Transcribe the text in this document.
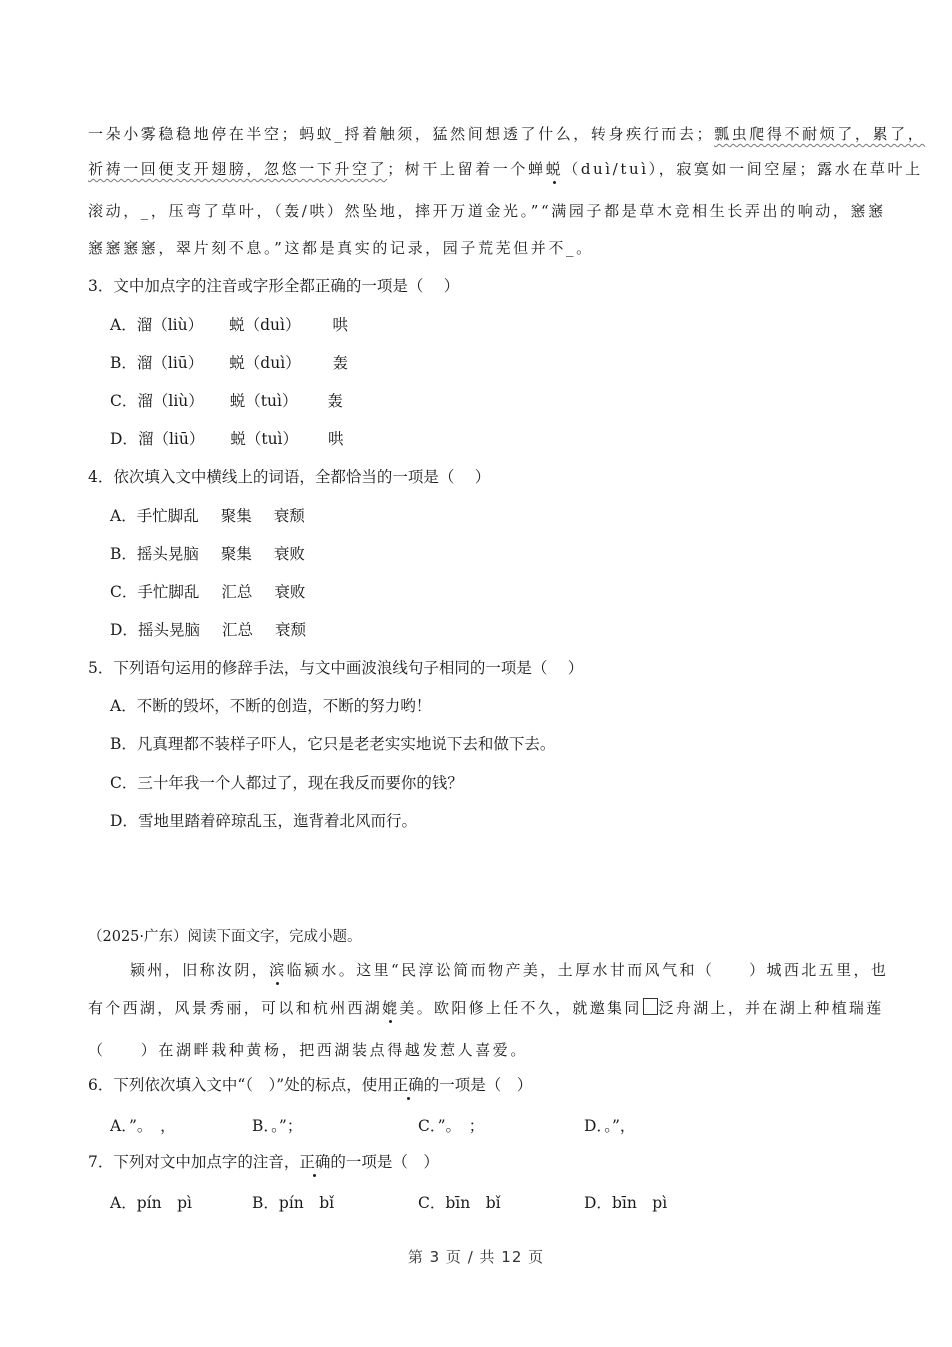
一朵小雾稳稳地停在半空；蚂蚁_捋着触须，猛然间想透了什么，转身疾行而去；瓢虫爬得不耐烦了，累了，
祈祷一回便支开翅膀，忽悠一下升空了；树干上留着一个蝉蜕（duì/tuì），寂寞如一间空屋；露水在草叶上
滚动，_，压弯了草叶，（轰/哄）然坠地，摔开万道金光。”“满园子都是草木竞相生长弄出的响动，窸窸
窸窸窸窸，翠片刻不息。”这都是真实的记录，园子荒芜但并不_。
3．文中加点字的注音或字形全都正确的一项是（　 ）
A．溜（liù） 蜕（duì） 哄
B．溜（liū） 蜕（duì） 轰
C．溜（liù） 蜕（tuì） 轰
D．溜（liū） 蜕（tuì） 哄
4．依次填入文中横线上的词语，全都恰当的一项是（　 ）
A．手忙脚乱 聚集 衰颓
B．摇头晃脑 聚集 衰败
C．手忙脚乱 汇总 衰败
D．摇头晃脑 汇总 衰颓
5．下列语句运用的修辞手法，与文中画波浪线句子相同的一项是（　 ）
A．不断的毁坏，不断的创造，不断的努力哟！
B．凡真理都不装样子吓人，它只是老老实实地说下去和做下去。
C．三十年我一个人都过了，现在我反而要你的钱？
D．雪地里踏着碎琼乱玉，迤背着北风而行。
（2025·广东）阅读下面文字，完成小题。
颍州，旧称汝阴，滨临颍水。这里“民淳讼简而物产美，土厚水甘而风气和（　　）城西北五里，也
有个西湖，风景秀丽，可以和杭州西湖媲美。欧阳修上任不久，就邀集同 泛舟湖上，并在湖上种植瑞莲
（　　）在湖畔栽种黄杨，把西湖装点得越发惹人喜爱。
6．下列依次填入文中“（　）”处的标点，使用正确的一项是（　）
A．”。　，	B．。”；	C．”。　；	D．。”，
7．下列对文中加点字的注音，正确的一项是（　）
A．pín　pì	B．pín　bǐ	C．bīn　bǐ	D．bīn　pì
第 3 页 / 共 12 页
